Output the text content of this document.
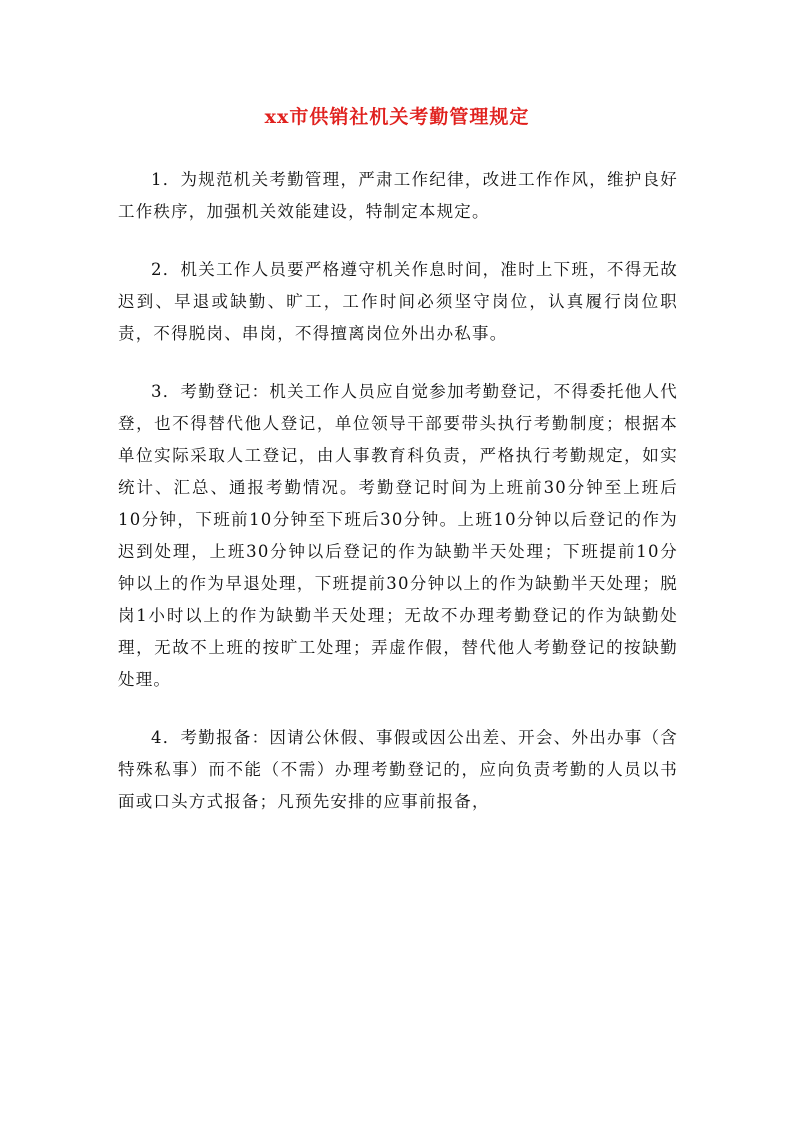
xx市供销社机关考勤管理规定

1．为规范机关考勤管理，严肃工作纪律，改进工作作风，维护良好工作秩序，加强机关效能建设，特制定本规定。

2．机关工作人员要严格遵守机关作息时间，准时上下班，不得无故迟到、早退或缺勤、旷工，工作时间必须坚守岗位，认真履行岗位职责，不得脱岗、串岗，不得擅离岗位外出办私事。

3．考勤登记：机关工作人员应自觉参加考勤登记，不得委托他人代登，也不得替代他人登记，单位领导干部要带头执行考勤制度；根据本单位实际采取人工登记，由人事教育科负责，严格执行考勤规定，如实统计、汇总、通报考勤情况。考勤登记时间为上班前30分钟至上班后10分钟，下班前10分钟至下班后30分钟。上班10分钟以后登记的作为迟到处理，上班30分钟以后登记的作为缺勤半天处理；下班提前10分钟以上的作为早退处理，下班提前30分钟以上的作为缺勤半天处理；脱岗1小时以上的作为缺勤半天处理；无故不办理考勤登记的作为缺勤处理，无故不上班的按旷工处理；弄虚作假，替代他人考勤登记的按缺勤处理。

4．考勤报备：因请公休假、事假或因公出差、开会、外出办事（含特殊私事）而不能（不需）办理考勤登记的，应向负责考勤的人员以书面或口头方式报备；凡预先安排的应事前报备，
